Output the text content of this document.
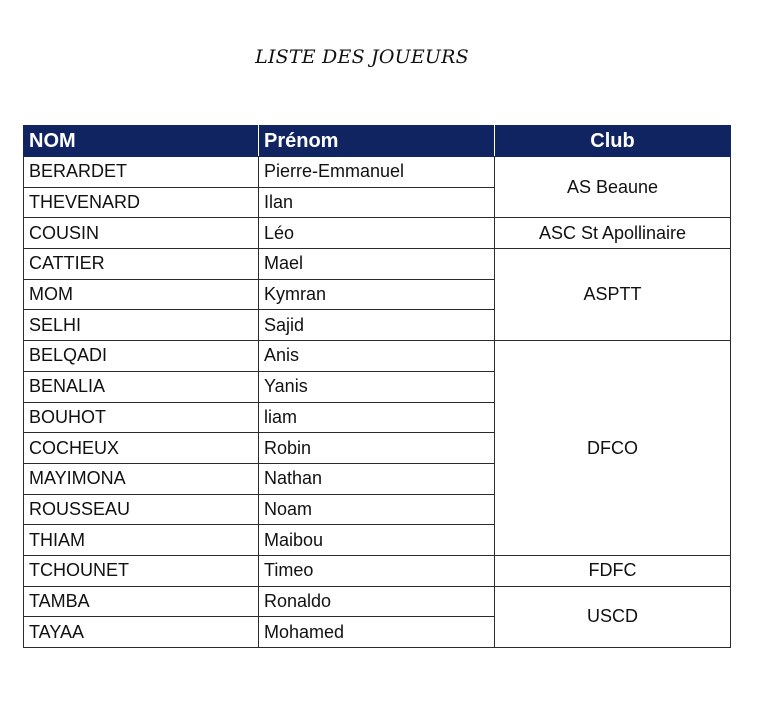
LISTE DES JOUEURS
NOM	Prénom	Club
BERARDET	Pierre-Emmanuel	AS Beaune
THEVENARD	Ilan	
COUSIN	Léo	ASC St Apollinaire
CATTIER	Mael	ASPTT
MOM	Kymran	
SELHI	Sajid	
BELQADI	Anis	DFCO
BENALIA	Yanis	
BOUHOT	liam	
COCHEUX	Robin	
MAYIMONA	Nathan	
ROUSSEAU	Noam	
THIAM	Maibou	
TCHOUNET	Timeo	FDFC
TAMBA	Ronaldo	USCD
TAYAA	Mohamed	
